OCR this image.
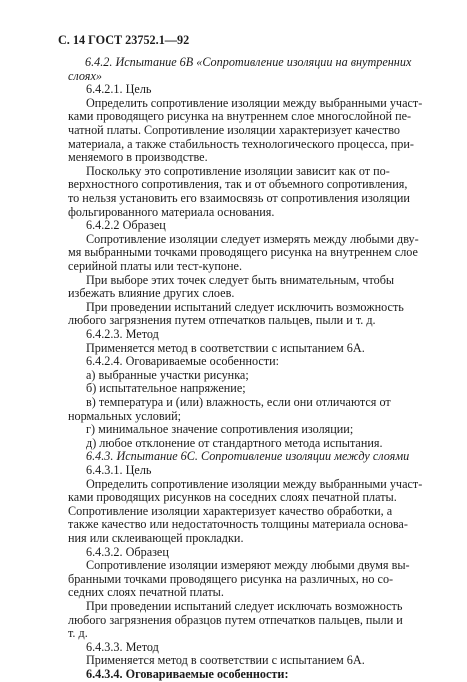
С. 14 ГОСТ 23752.1—92
6.4.2. Испытание 6В «Сопротивление изоляции на внутренних
слоях»
6.4.2.1. Цель
Определить сопротивление изоляции между выбранными участ-
ками проводящего рисунка на внутреннем слое многослойной пе-
чатной платы. Сопротивление изоляции характеризует качество
материала, а также стабильность технологического процесса, при-
меняемого в производстве.
Поскольку это сопротивление изоляции зависит как от по-
верхностного сопротивления, так и от объемного сопротивления,
то нельзя установить его взаимосвязь от сопротивления изоляции
фольгированного материала основания.
6.4.2.2 Образец
Сопротивление изоляции следует измерять между любыми дву-
мя выбранными точками проводящего рисунка на внутреннем слое
серийной платы или тест-купоне.
При выборе этих точек следует быть внимательным, чтобы
избежать влияние других слоев.
При проведении испытаний следует исключить возможность
любого загрязнения путем отпечатков пальцев, пыли и т. д.
6.4.2.3. Метод
Применяется метод в соответствии с испытанием 6А.
6.4.2.4. Оговариваемые особенности:
а) выбранные участки рисунка;
б) испытательное напряжение;
в) температура и (или) влажность, если они отличаются от
нормальных условий;
г) минимальное значение сопротивления изоляции;
д) любое отклонение от стандартного метода испытания.
6.4.3. Испытание 6С. Сопротивление изоляции между слоями
6.4.3.1. Цель
Определить сопротивление изоляции между выбранными участ-
ками проводящих рисунков на соседних слоях печатной платы.
Сопротивление изоляции характеризует качество обработки, а
также качество или недостаточность толщины материала основа-
ния или склеивающей прокладки.
6.4.3.2. Образец
Сопротивление изоляции измеряют между любыми двумя вы-
бранными точками проводящего рисунка на различных, но со-
седних слоях печатной платы.
При проведении испытаний следует исключать возможность
любого загрязнения образцов путем отпечатков пальцев, пыли и
т. д.
6.4.3.3. Метод
Применяется метод в соответствии с испытанием 6А.
6.4.3.4. Оговариваемые особенности:
